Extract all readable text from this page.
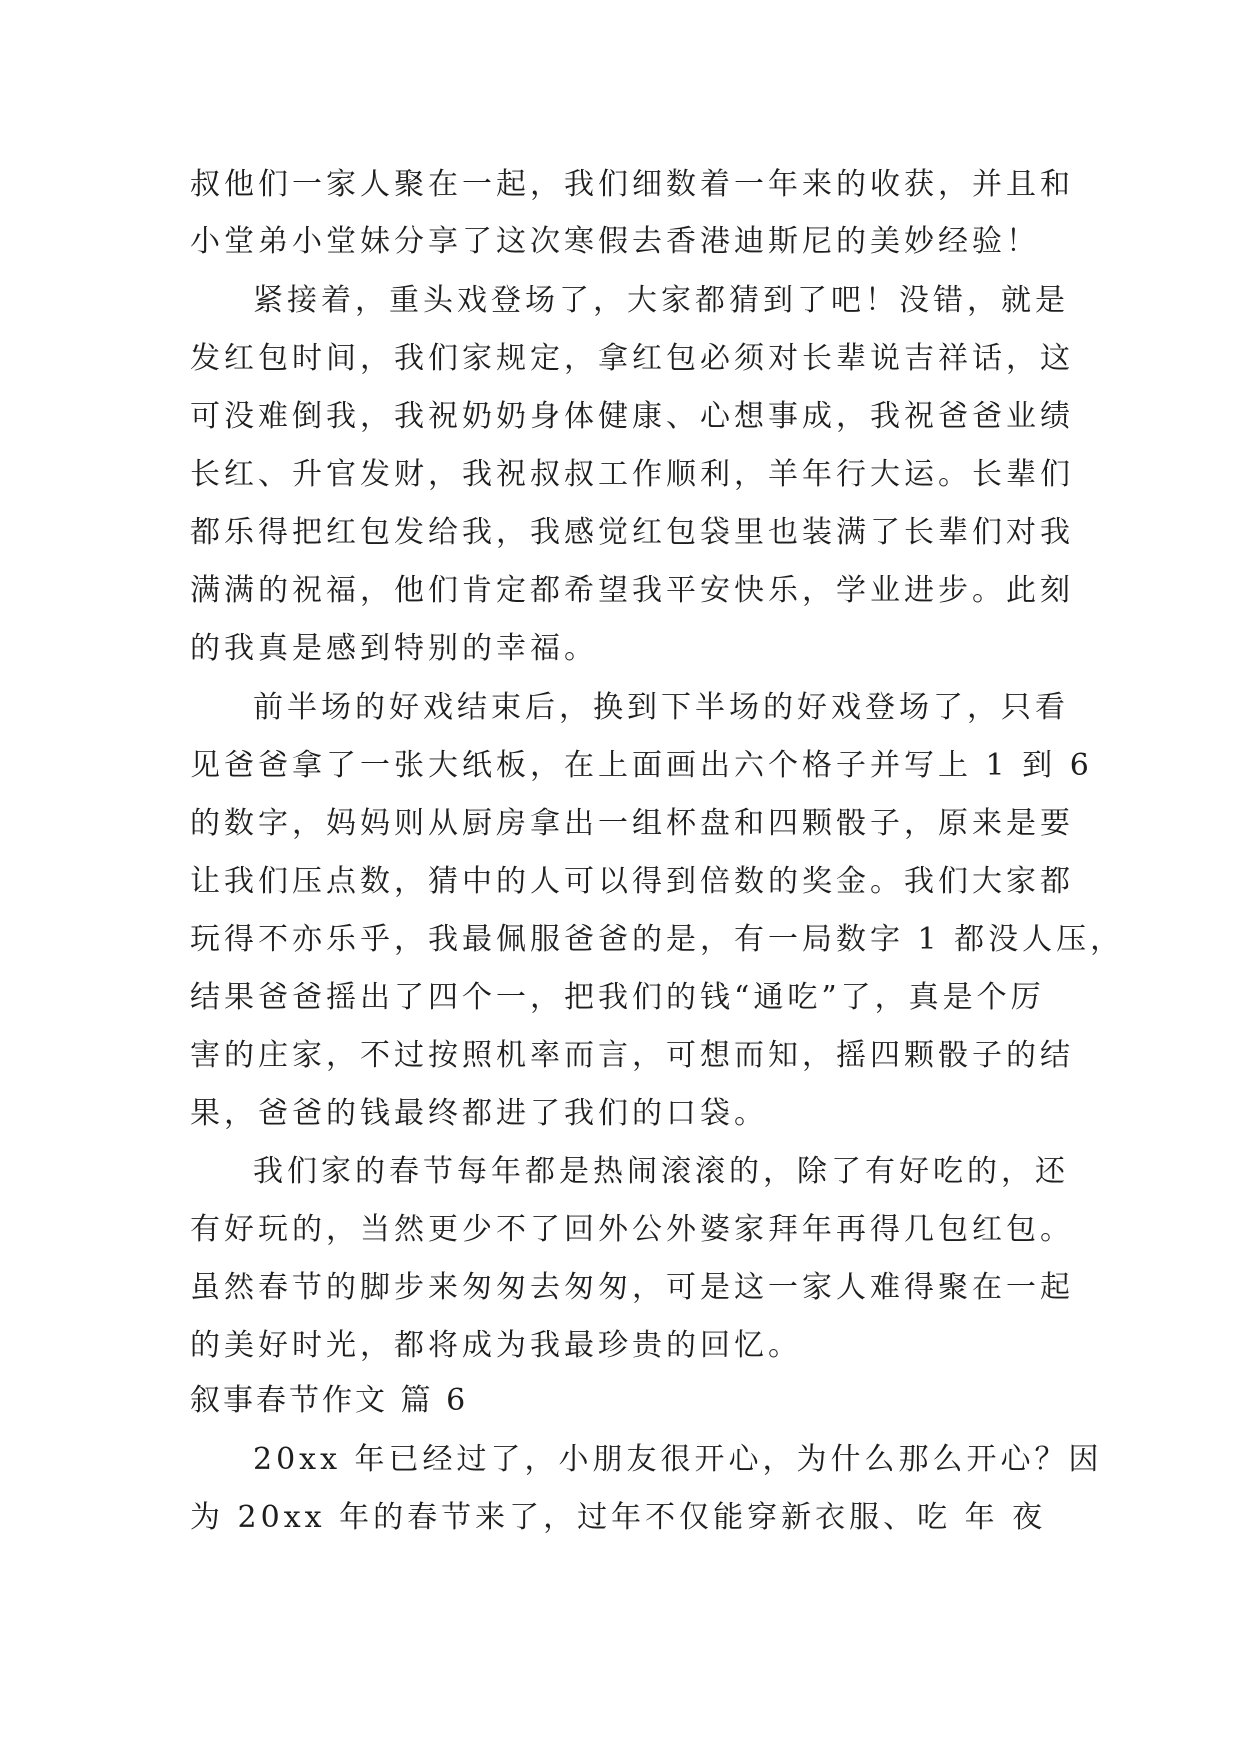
叔他们一家人聚在一起，我们细数着一年来的收获，并且和
小堂弟小堂妹分享了这次寒假去香港迪斯尼的美妙经验！
紧接着，重头戏登场了，大家都猜到了吧！没错，就是
发红包时间，我们家规定，拿红包必须对长辈说吉祥话，这
可没难倒我，我祝奶奶身体健康、心想事成，我祝爸爸业绩
长红、升官发财，我祝叔叔工作顺利，羊年行大运。长辈们
都乐得把红包发给我，我感觉红包袋里也装满了长辈们对我
满满的祝福，他们肯定都希望我平安快乐，学业进步。此刻
的我真是感到特别的幸福。
前半场的好戏结束后，换到下半场的好戏登场了，只看
见爸爸拿了一张大纸板，在上面画出六个格子并写上 1 到 6
的数字，妈妈则从厨房拿出一组杯盘和四颗骰子，原来是要
让我们压点数，猜中的人可以得到倍数的奖金。我们大家都
玩得不亦乐乎，我最佩服爸爸的是，有一局数字 1 都没人压，
结果爸爸摇出了四个一，把我们的钱“通吃”了，真是个厉
害的庄家，不过按照机率而言，可想而知，摇四颗骰子的结
果，爸爸的钱最终都进了我们的口袋。
我们家的春节每年都是热闹滚滚的，除了有好吃的，还
有好玩的，当然更少不了回外公外婆家拜年再得几包红包。
虽然春节的脚步来匆匆去匆匆，可是这一家人难得聚在一起
的美好时光，都将成为我最珍贵的回忆。
叙事春节作文 篇 6
20xx 年已经过了，小朋友很开心，为什么那么开心？因
为 20xx 年的春节来了，过年不仅能穿新衣服、吃 年 夜
